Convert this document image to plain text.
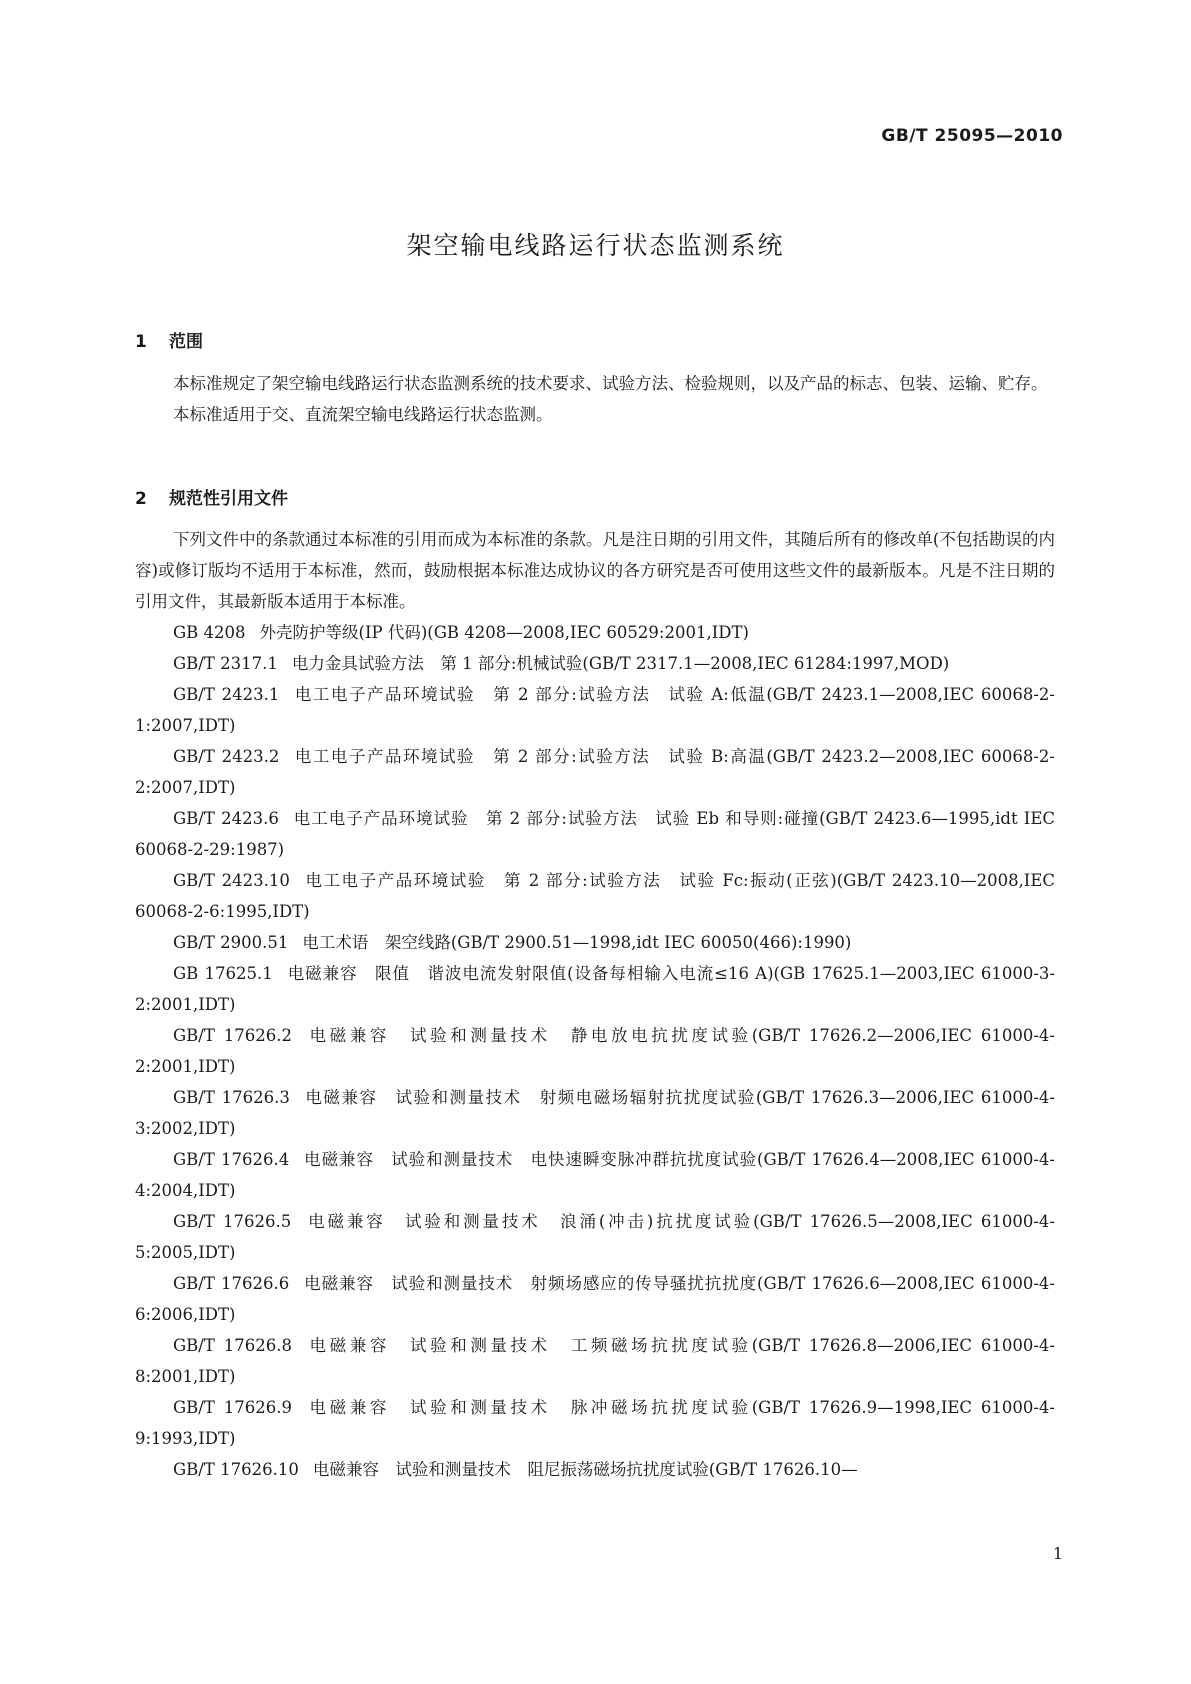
GB/T 25095—2010
架空输电线路运行状态监测系统
1 范围

本标准规定了架空输电线路运行状态监测系统的技术要求、试验方法、检验规则，以及产品的标志、包装、运输、贮存。

本标准适用于交、直流架空输电线路运行状态监测。

2 规范性引用文件

下列文件中的条款通过本标准的引用而成为本标准的条款。凡是注日期的引用文件，其随后所有的修改单(不包括勘误的内容)或修订版均不适用于本标准，然而，鼓励根据本标准达成协议的各方研究是否可使用这些文件的最新版本。凡是不注日期的引用文件，其最新版本适用于本标准。

GB 4208 外壳防护等级(IP 代码)(GB 4208—2008,IEC 60529:2001,IDT)

GB/T 2317.1 电力金具试验方法　第 1 部分:机械试验(GB/T 2317.1—2008,IEC 61284:1997,MOD)

GB/T 2423.1 电工电子产品环境试验　第 2 部分:试验方法　试验 A:低温(GB/T 2423.1—2008,IEC 60068-2-1:2007,IDT)

GB/T 2423.2 电工电子产品环境试验　第 2 部分:试验方法　试验 B:高温(GB/T 2423.2—2008,IEC 60068-2-2:2007,IDT)

GB/T 2423.6 电工电子产品环境试验　第 2 部分:试验方法　试验 Eb 和导则:碰撞(GB/T 2423.6—1995,idt IEC 60068-2-29:1987)

GB/T 2423.10 电工电子产品环境试验　第 2 部分:试验方法　试验 Fc:振动(正弦)(GB/T 2423.10—2008,IEC 60068-2-6:1995,IDT)

GB/T 2900.51 电工术语　架空线路(GB/T 2900.51—1998,idt IEC 60050(466):1990)

GB 17625.1 电磁兼容　限值　谐波电流发射限值(设备每相输入电流≤16 A)(GB 17625.1—2003,IEC 61000-3-2:2001,IDT)

GB/T 17626.2 电磁兼容　试验和测量技术　静电放电抗扰度试验(GB/T 17626.2—2006,IEC 61000-4-2:2001,IDT)

GB/T 17626.3 电磁兼容　试验和测量技术　射频电磁场辐射抗扰度试验(GB/T 17626.3—2006,IEC 61000-4-3:2002,IDT)

GB/T 17626.4 电磁兼容　试验和测量技术　电快速瞬变脉冲群抗扰度试验(GB/T 17626.4—2008,IEC 61000-4-4:2004,IDT)

GB/T 17626.5 电磁兼容　试验和测量技术　浪涌(冲击)抗扰度试验(GB/T 17626.5—2008,IEC 61000-4-5:2005,IDT)

GB/T 17626.6 电磁兼容　试验和测量技术　射频场感应的传导骚扰抗扰度(GB/T 17626.6—2008,IEC 61000-4-6:2006,IDT)

GB/T 17626.8 电磁兼容　试验和测量技术　工频磁场抗扰度试验(GB/T 17626.8—2006,IEC 61000-4-8:2001,IDT)

GB/T 17626.9 电磁兼容　试验和测量技术　脉冲磁场抗扰度试验(GB/T 17626.9—1998,IEC 61000-4-9:1993,IDT)

GB/T 17626.10 电磁兼容　试验和测量技术　阻尼振荡磁场抗扰度试验(GB/T 17626.10—

1
